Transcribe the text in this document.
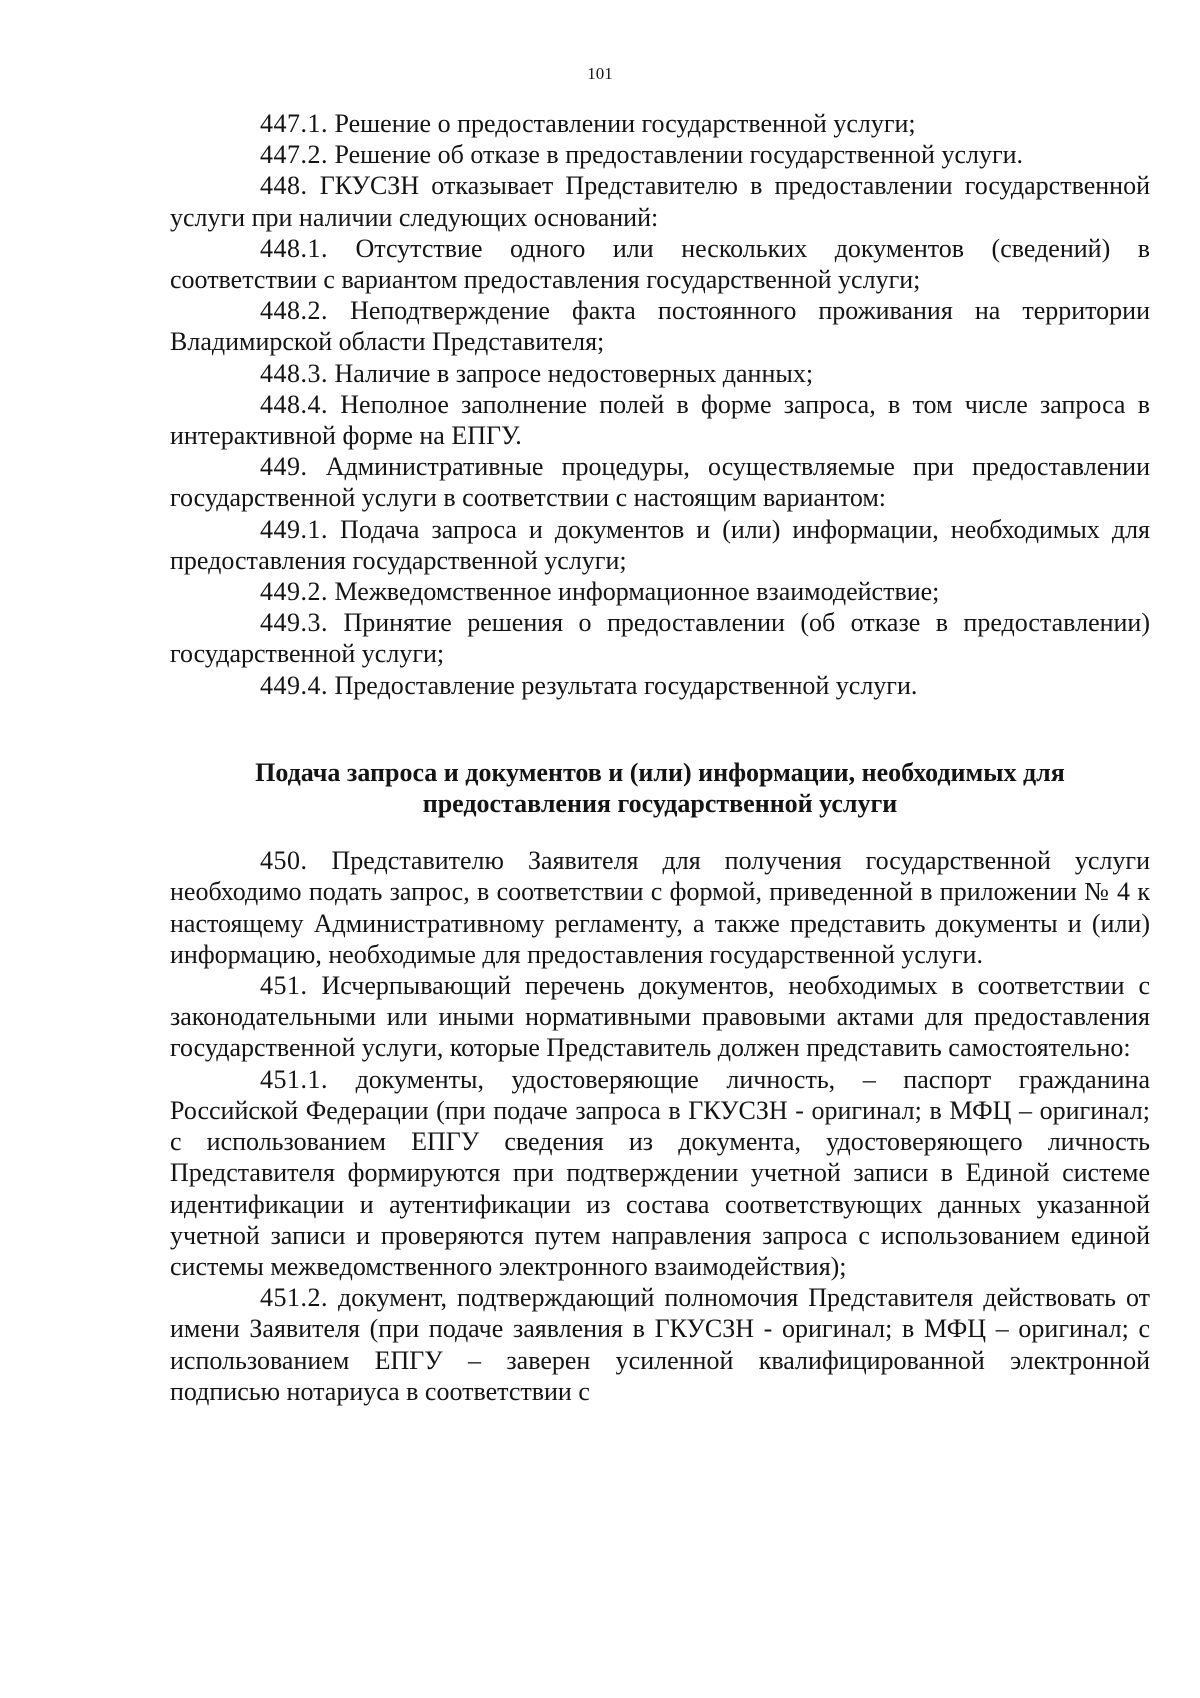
101

447.1. Решение о предоставлении государственной услуги;

447.2. Решение об отказе в предоставлении государственной услуги.

448. ГКУСЗН отказывает Представителю в предоставлении государственной услуги при наличии следующих оснований:

448.1. Отсутствие одного или нескольких документов (сведений) в соответствии с вариантом предоставления государственной услуги;

448.2. Неподтверждение факта постоянного проживания на территории Владимирской области Представителя;

448.3. Наличие в запросе недостоверных данных;

448.4. Неполное заполнение полей в форме запроса, в том числе запроса в интерактивной форме на ЕПГУ.

449. Административные процедуры, осуществляемые при предоставлении государственной услуги в соответствии с настоящим вариантом:

449.1. Подача запроса и документов и (или) информации, необходимых для предоставления государственной услуги;

449.2. Межведомственное информационное взаимодействие;

449.3. Принятие решения о предоставлении (об отказе в предоставлении) государственной услуги;

449.4. Предоставление результата государственной услуги.

Подача запроса и документов и (или) информации, необходимых для
предоставления государственной услуги

450. Представителю Заявителя для получения государственной услуги необходимо подать запрос, в соответствии с формой, приведенной в приложении № 4 к настоящему Административному регламенту, а также представить документы и (или) информацию, необходимые для предоставления государственной услуги.

451. Исчерпывающий перечень документов, необходимых в соответствии с законодательными или иными нормативными правовыми актами для предоставления государственной услуги, которые Представитель должен представить самостоятельно:

451.1. документы, удостоверяющие личность, – паспорт гражданина Российской Федерации (при подаче запроса в ГКУСЗН - оригинал; в МФЦ – оригинал; с использованием ЕПГУ сведения из документа, удостоверяющего личность Представителя формируются при подтверждении учетной записи в Единой системе идентификации и аутентификации из состава соответствующих данных указанной учетной записи и проверяются путем направления запроса с использованием единой системы межведомственного электронного взаимодействия);

451.2. документ, подтверждающий полномочия Представителя действовать от имени Заявителя (при подаче заявления в ГКУСЗН - оригинал; в МФЦ – оригинал; с использованием ЕПГУ – заверен усиленной квалифицированной электронной подписью нотариуса в соответствии с
